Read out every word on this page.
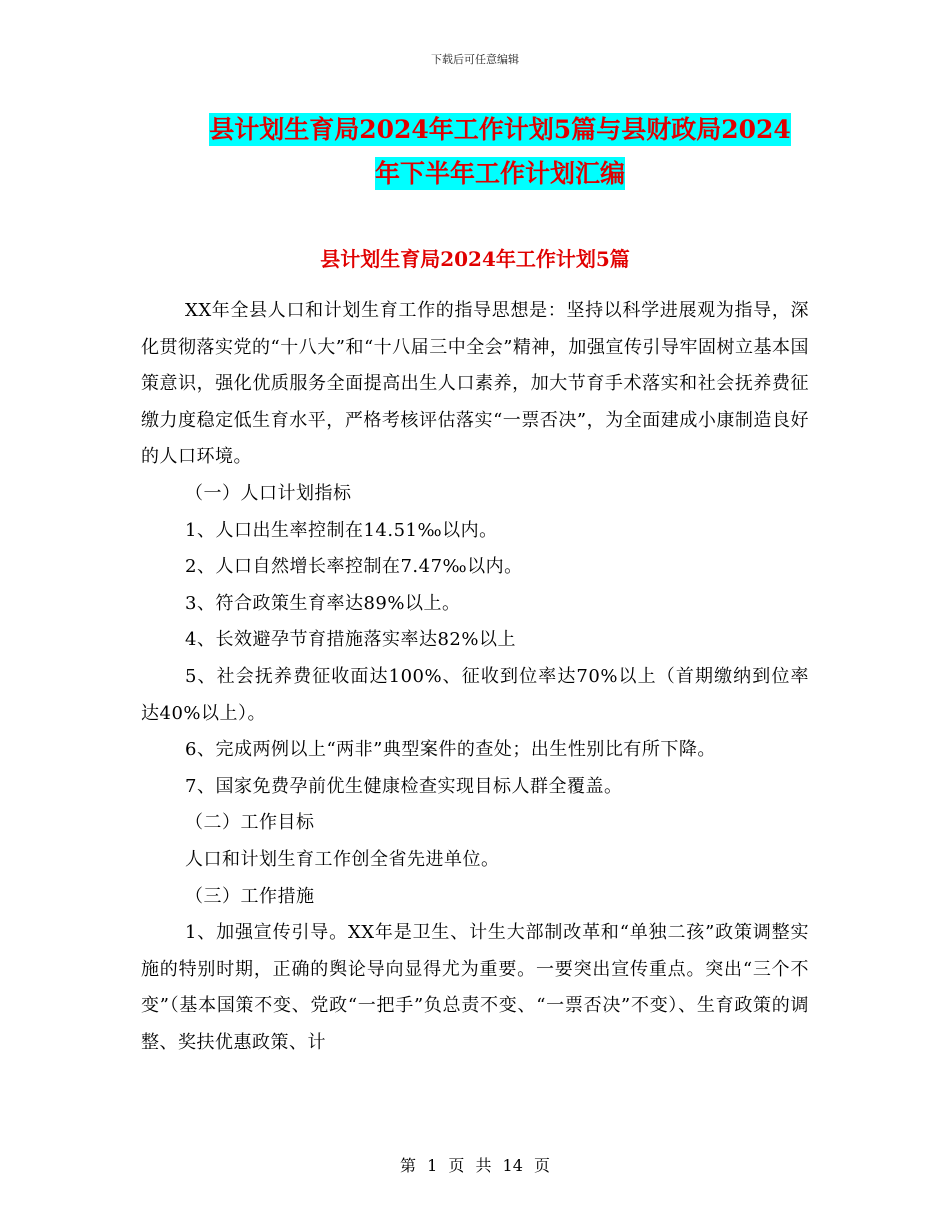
下载后可任意编辑
县计划生育局2024年工作计划5篇与县财政局2024
年下半年工作计划汇编
县计划生育局2024年工作计划5篇

XX年全县人口和计划生育工作的指导思想是：坚持以科学进展观为指导，深化贯彻落实党的“十八大”和“十八届三中全会”精神，加强宣传引导牢固树立基本国策意识，强化优质服务全面提高出生人口素养，加大节育手术落实和社会抚养费征缴力度稳定低生育水平，严格考核评估落实“一票否决”，为全面建成小康制造良好的人口环境。

（一）人口计划指标

1、人口出生率控制在14.51‰以内。

2、人口自然增长率控制在7.47‰以内。

3、符合政策生育率达89%以上。

4、长效避孕节育措施落实率达82%以上

5、社会抚养费征收面达100%、征收到位率达70%以上（首期缴纳到位率达40%以上）。

6、完成两例以上“两非”典型案件的查处；出生性别比有所下降。

7、国家免费孕前优生健康检查实现目标人群全覆盖。

（二）工作目标

人口和计划生育工作创全省先进单位。

（三）工作措施

1、加强宣传引导。XX年是卫生、计生大部制改革和“单独二孩”政策调整实施的特别时期，正确的舆论导向显得尤为重要。一要突出宣传重点。突出“三个不变”（基本国策不变、党政“一把手”负总责不变、“一票否决”不变）、生育政策的调整、奖扶优惠政策、计

第 1 页 共 14 页
